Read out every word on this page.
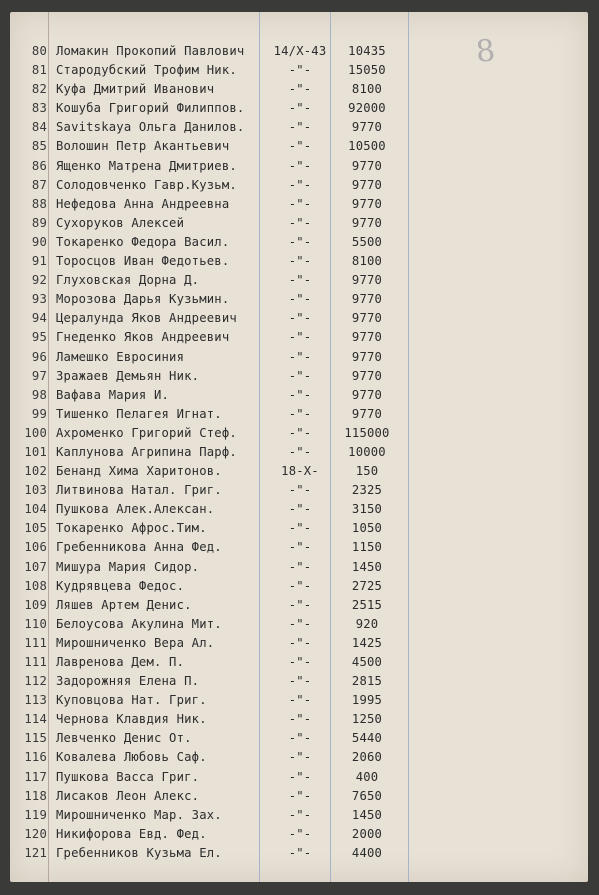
8
80 Ломакин Прокопий Павлович 14/X-43	10435
81 Стародубский Трофим Ник.	-"-	15050
82 Куфа Дмитрий Иванович	-"-	8100
83 Кошуба Григорий Филиппов.	-"-	92000
84 Savitskaya Ольга Данилов.	-"-	9770
85 Волошин Петр Акантьевич	-"-	10500
86 Ященко Матрена Дмитриев.	-"-	9770
87 Солодовченко Гавр.Кузьм.	-"-	9770
88 Нефедова Анна Андреевна	-"-	9770
89 Сухоруков Алексей	-"-	9770
90 Токаренко Федора Васил.	-"-	5500
91 Торосцов Иван Федотьев.	-"-	8100
92 Глуховская Дорна Д.	-"-	9770
93 Морозова Дарья Кузьмин.	-"-	9770
94 Цералунда Яков Андреевич	-"-	9770
95 Гнеденко Яков Андреевич	-"-	9770
96 Ламешко Евросиния	-"-	9770
97 Зражаев Демьян Ник.	-"-	9770
98 Вафава Мария И.	-"-	9770
99 Тишенко Пелагея Игнат.	-"-	9770
100 Ахроменко Григорий Стеф.	-"-	115000
101 Каплунова Агрипина Парф.	-"-	10000
102 Бенанд Хима Харитонов.	18-X-	150
103 Литвинова Натал. Григ.	-"-	2325
104 Пушкова Алек.Алексан.	-"-	3150
105 Токаренко Афрос.Тим.	-"-	1050
106 Гребенникова Анна Фед.	-"-	1150
107 Мишура Мария Сидор.	-"-	1450
108 Кудрявцева Федос.	-"-	2725
109 Ляшев Артем Денис.	-"-	2515
110 Белоусова Акулина Мит.	-"-	920
111 Мирошниченко Вера Ал.	-"-	1425
111 Лавренова Дем. П.	-"-	4500
112 Задорожняя Елена П.	-"-	2815
113 Куповцова Нат. Григ.	-"-	1995
114 Чернова Клавдия Ник.	-"-	1250
115 Левченко Денис От.	-"-	5440
116 Ковалева Любовь Саф.	-"-	2060
117 Пушкова Васса Григ.	-"-	400
118 Лисаков Леон Алекс.	-"-	7650
119 Мирошниченко Мар. Зах.	-"-	1450
120 Никифорова Евд. Фед.	-"-	2000
121 Гребенников Кузьма Ел.	-"-	4400
